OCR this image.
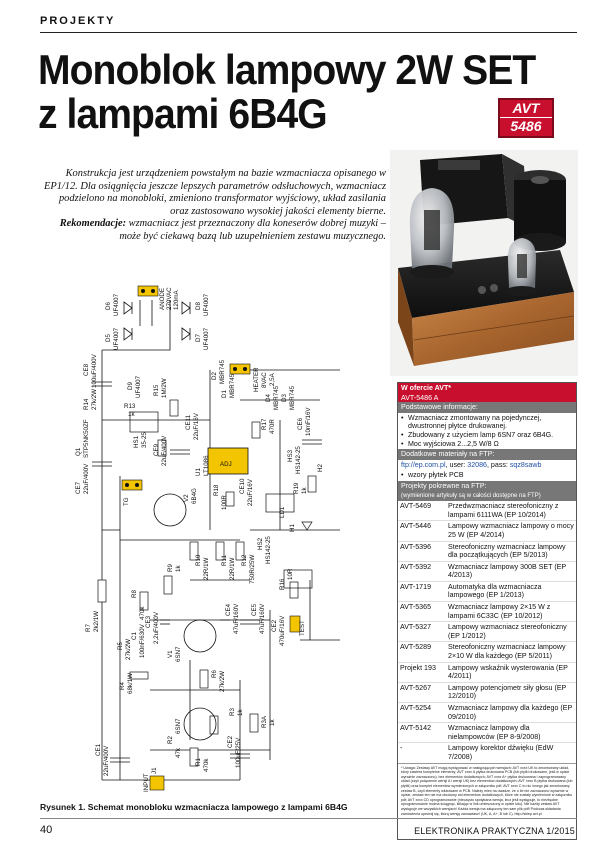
PROJEKTY
Monoblok lampowy 2W SET
z lampami 6B4G	AVT
5486

Konstrukcja jest urządzeniem powstałym na bazie wzmacniacza opisanego w EP1/12. Dla osiągnięcia jeszcze lepszych parametrów odsłuchowych, wzmacniacz podzielono na monobloki, zmieniono transformator wyjściowy, układ zasilania oraz zastosowano wysokiej jakości elementy bierne.

Rekomendacje: wzmacniacz jest przeznaczony dla koneserów dobrej muzyki – może być ciekawą bazą lub uzupełnieniem zestawu muzycznego.

D6 UF4007	D8 UF4007
D5 UF4007	D7 UF4007
ANODE 270VAC 120mA
CE8 100uF/400V	D9 UF4007
R14 27k/2W	R13
1k
R15 1M/2W
Q1 STP5NK50ZF
CE7 22uF/400V
HS1 35-25
CE9 22uF/400V
TG
CE11 22uF/16V
D1 MBR745
D2 MBR745	HEATER 8VAC 2,5A
D4 MBR745 D3 MBR745
CE6 10mF/16V
U1 LT1086 ADJ
R17 470R
R18
100R
CE10 22uF/16V
HS3 HS142-25 H2
R19 1k
LD1
H1
V2 6B4G
R9 1k
R10 22R/1W R11 22R/1W R12 750R/25W
HS2 HS142-25
R16
10R
TEST
R7 2k2/1W
R8
470k
CE3 2,2uF/400V
C1 100nF/630V
R5 27k/2W
CE4 47uF/160V CE5 47uF/160V CE2 470uF/16V
V1 6SN7
R6 27k/2W
R4 68k/1W
R3 1k
R3A 1k
6SN7
R2
47k
R1 470k
CE1 22uF/400V
CE2 100uF/25V
INPUT
J1
Rysunek 1. Schemat monobloku wzmacniacza lampowego z lampami 6B4G
W ofercie AVT*
AVT-5486 A
Podstawowe informacje:
• Wzmacniacz zmontowany na pojedynczej, dwustronnej płytce drukowanej.
• Zbudowany z użyciem lamp 6SN7 oraz 6B4G.
• Moc wyjściowa 2...2,5 W/8 Ω
Dodatkowe materiały na FTP:
ftp://ep.com.pl, user: 32086, pass: sqz8sawb
• wzory płytek PCB
Projekty pokrewne na FTP:
(wymienione artykuły są w całości dostępne na FTP)
AVT-5469	Przedwzmacniacz stereofoniczny z lampami 6111WA (EP 10/2014)
AVT-5446	Lampowy wzmacniacz lampowy o mocy 25 W (EP 4/2014)
AVT-5396	Stereofoniczny wzmacniacz lampowy dla początkujących (EP 5/2013)
AVT-5392	Wzmacniacz lampowy 300B SET (EP 4/2013)
AVT-1719	Automatyka dla wzmacniacza lampowego (EP 1/2013)
AVT-5365	Wzmacniacz lampowy 2×15 W z lampami 6C33C (EP 10/2012)
AVT-5327	Lampowy wzmacniacz stereofoniczny (EP 1/2012)
AVT-5289	Stereofoniczny wzmacniacz lampowy 2×10 W dla każdego (EP 5/2011)
Projekt 193	Lampowy wskaźnik wysterowania (EP 4/2011)
AVT-5267	Lampowy potencjometr siły głosu (EP 12/2010)
AVT-5254	Wzmacniacz lampowy dla każdego (EP 09/2010)
AVT-5142	Wzmacniacz lampowy dla nielampowców (EP 8-9/2008)
-	Lampowy korektor dźwięku (EdW 7/2008)
* Uwaga: Zestawy AVT mogą występować w następujących wersjach: AVT xxxx UK to zmontowany układ, który zawiera kompletne elementy; AVT xxxx A płytka drukowana PCB (lub płytki drukowane, jeśli w opisie wyraźnie zaznaczono), bez elementów dodatkowych; AVT xxxx A+ płytka drukowana i zaprogramowany układ (czyli połączenie wersji A i wersji UK) bez elementów dodatkowych; AVT xxxx B płytka drukowana (lub płytki) oraz komplet elementów wymienionych w załączniku pdf; AVT xxxx C to nic innego jak zmontowany zestaw B, czyli elementy wlutowane w PCB. Należy mieć na uwadze, że o ile nie zaznaczono wyraźnie w opisie, zestaw ten nie ma obudowy ani elementów dodatkowych, które nie zostały wymienione w załączniku pdf; AVT xxxx CD oprogramowanie (nieczęsto spotykana wersja, lecz jeśli występuje, to niezbędne oprogramowanie można ściągnąć, klikając w link umieszczony w opisie kitu). Nie każdy zestaw AVT występuje we wszystkich wersjach! Każda wersja ma załączony ten sam plik pdf! Podczas składania zamówienia upewnij się, którą wersję zamawiasz! (UK, A, A+, B lub C). http://sklep.avt.pl
40	ELEKTRONIKA PRAKTYCZNA 1/2015
